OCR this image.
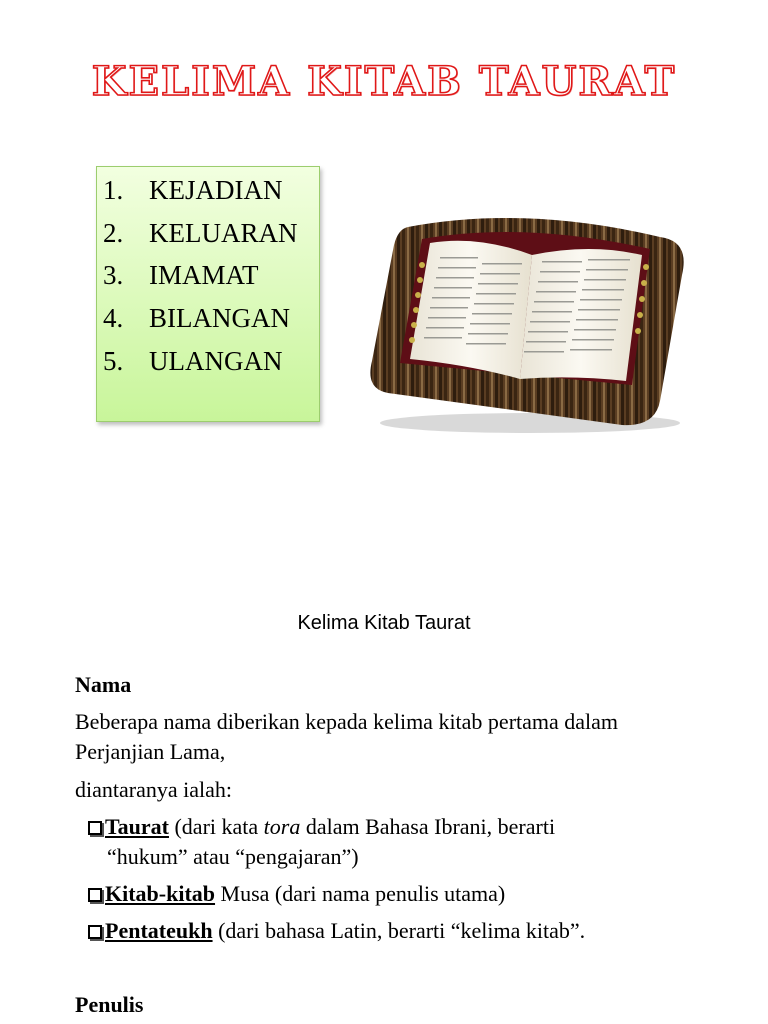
KELIMA KITAB TAURAT
1. KEJADIAN
2. KELUARAN
3. IMAMAT
4. BILANGAN
5. ULANGAN
Kelima Kitab Taurat
Nama
Beberapa nama diberikan kepada kelima kitab pertama dalam
Perjanjian Lama,
diantaranya ialah:
Taurat (dari kata tora dalam Bahasa Ibrani, berarti
“hukum” atau “pengajaran”)
Kitab-kitab Musa (dari nama penulis utama)
Pentateukh (dari bahasa Latin, berarti “kelima kitab”.
Penulis
